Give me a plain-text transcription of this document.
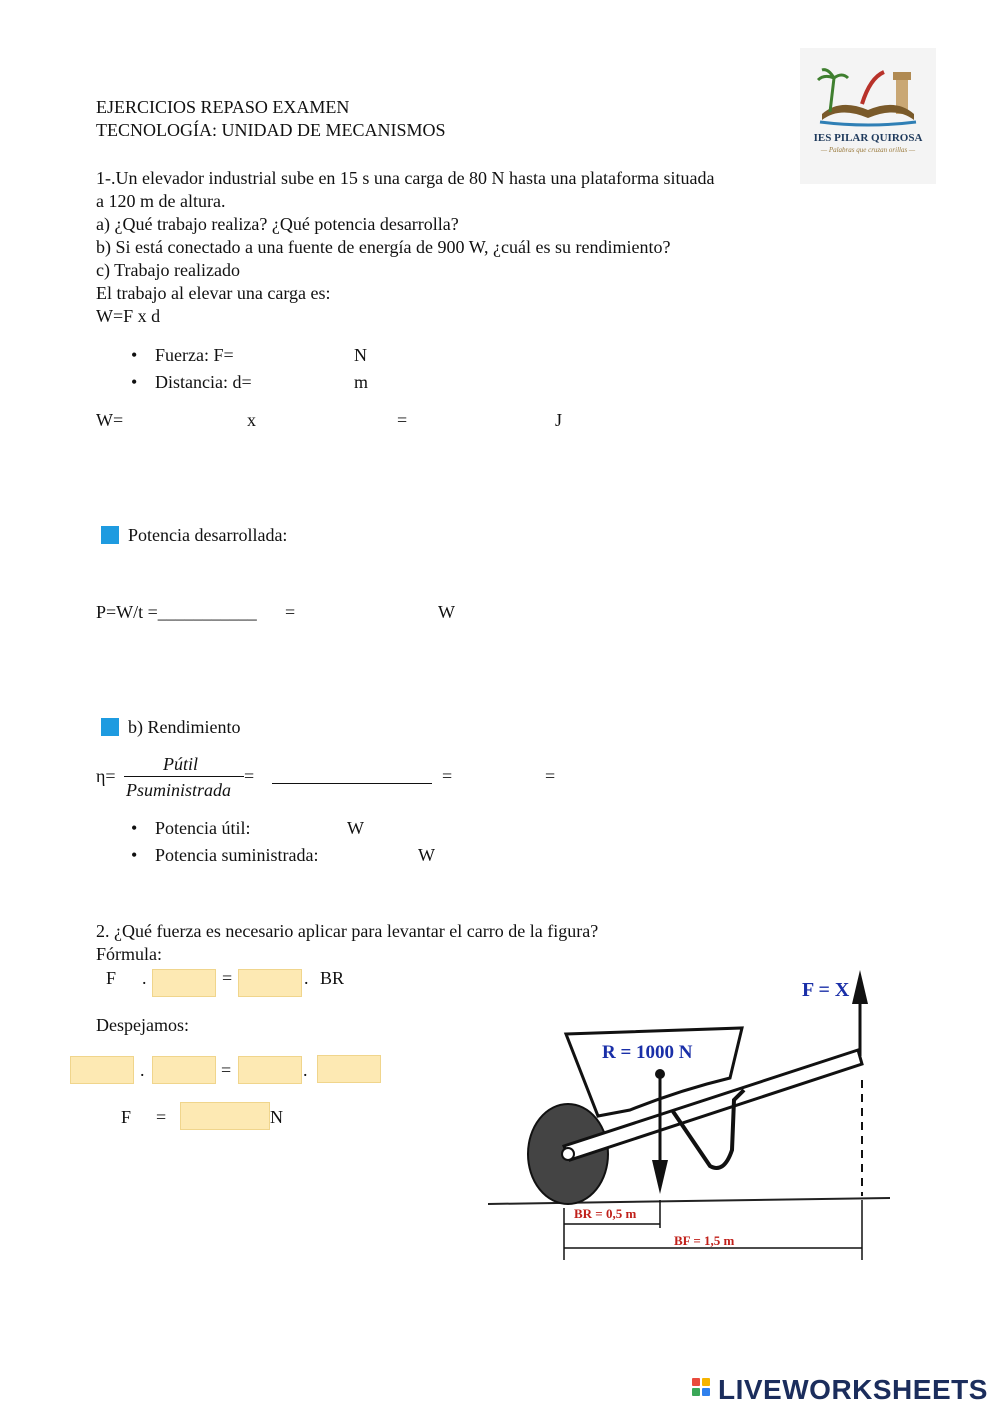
EJERCICIOS REPASO EXAMEN
TECNOLOGÍA: UNIDAD DE MECANISMOS	IES PILAR QUIROSA
— Palabras que cruzan orillas —
1-.Un elevador industrial sube en 15 s una carga de 80 N hasta una plataforma situada
a 120 m de altura.
a) ¿Qué trabajo realiza? ¿Qué potencia desarrolla?
b) Si está conectado a una fuente de energía de 900 W, ¿cuál es su rendimiento?
c) Trabajo realizado
El trabajo al elevar una carga es:
W=F x d
• Fuerza: F=	N
• Distancia: d=	m
W=	x	=	J
Potencia desarrollada:
P=W/t =___________ =	W
b) Rendimiento
η=
Pútil
Psuministrada
=	=	=
• Potencia útil:	W
• Potencia suministrada:	W
2. ¿Qué fuerza es necesario aplicar para levantar el carro de la figura?
Fórmula:
F .	=	. BR
Despejamos:
.	=	.
F =	N
F = X
R = 1000 N
BR = 0,5 m
BF = 1,5 m
LIVEWORKSHEETS
